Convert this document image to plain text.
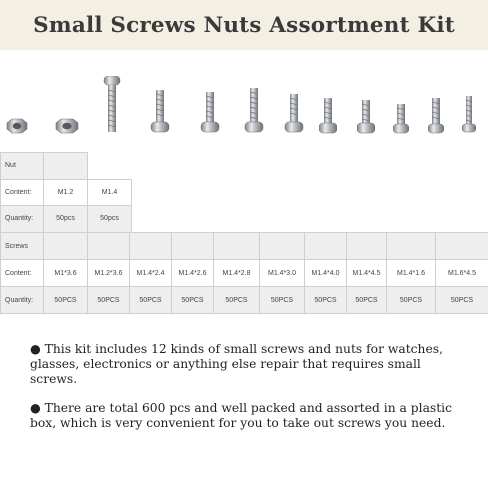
Small Screws Nuts Assortment Kit
Nut		
Content:	M1.2	M1.4
Quantity:	50pcs	50pcs
Screws										
Content:	M1*3.6	M1.2*3.6	M1.4*2.4	M1.4*2.6	M1.4*2.8	M1.4*3.0	M1.4*4.0	M1.4*4.5	M1.4*1.6	M1.6*4.5
Quantity:	50PCS	50PCS	50PCS	50PCS	50PCS	50PCS	50PCS	50PCS	50PCS	50PCS

● This kit includes 12 kinds of small screws and nuts for watches, glasses, electronics or anything else repair that requires small screws.

● There are total 600 pcs and well packed and assorted in a plastic box, which is very convenient for you to take out screws you need.
